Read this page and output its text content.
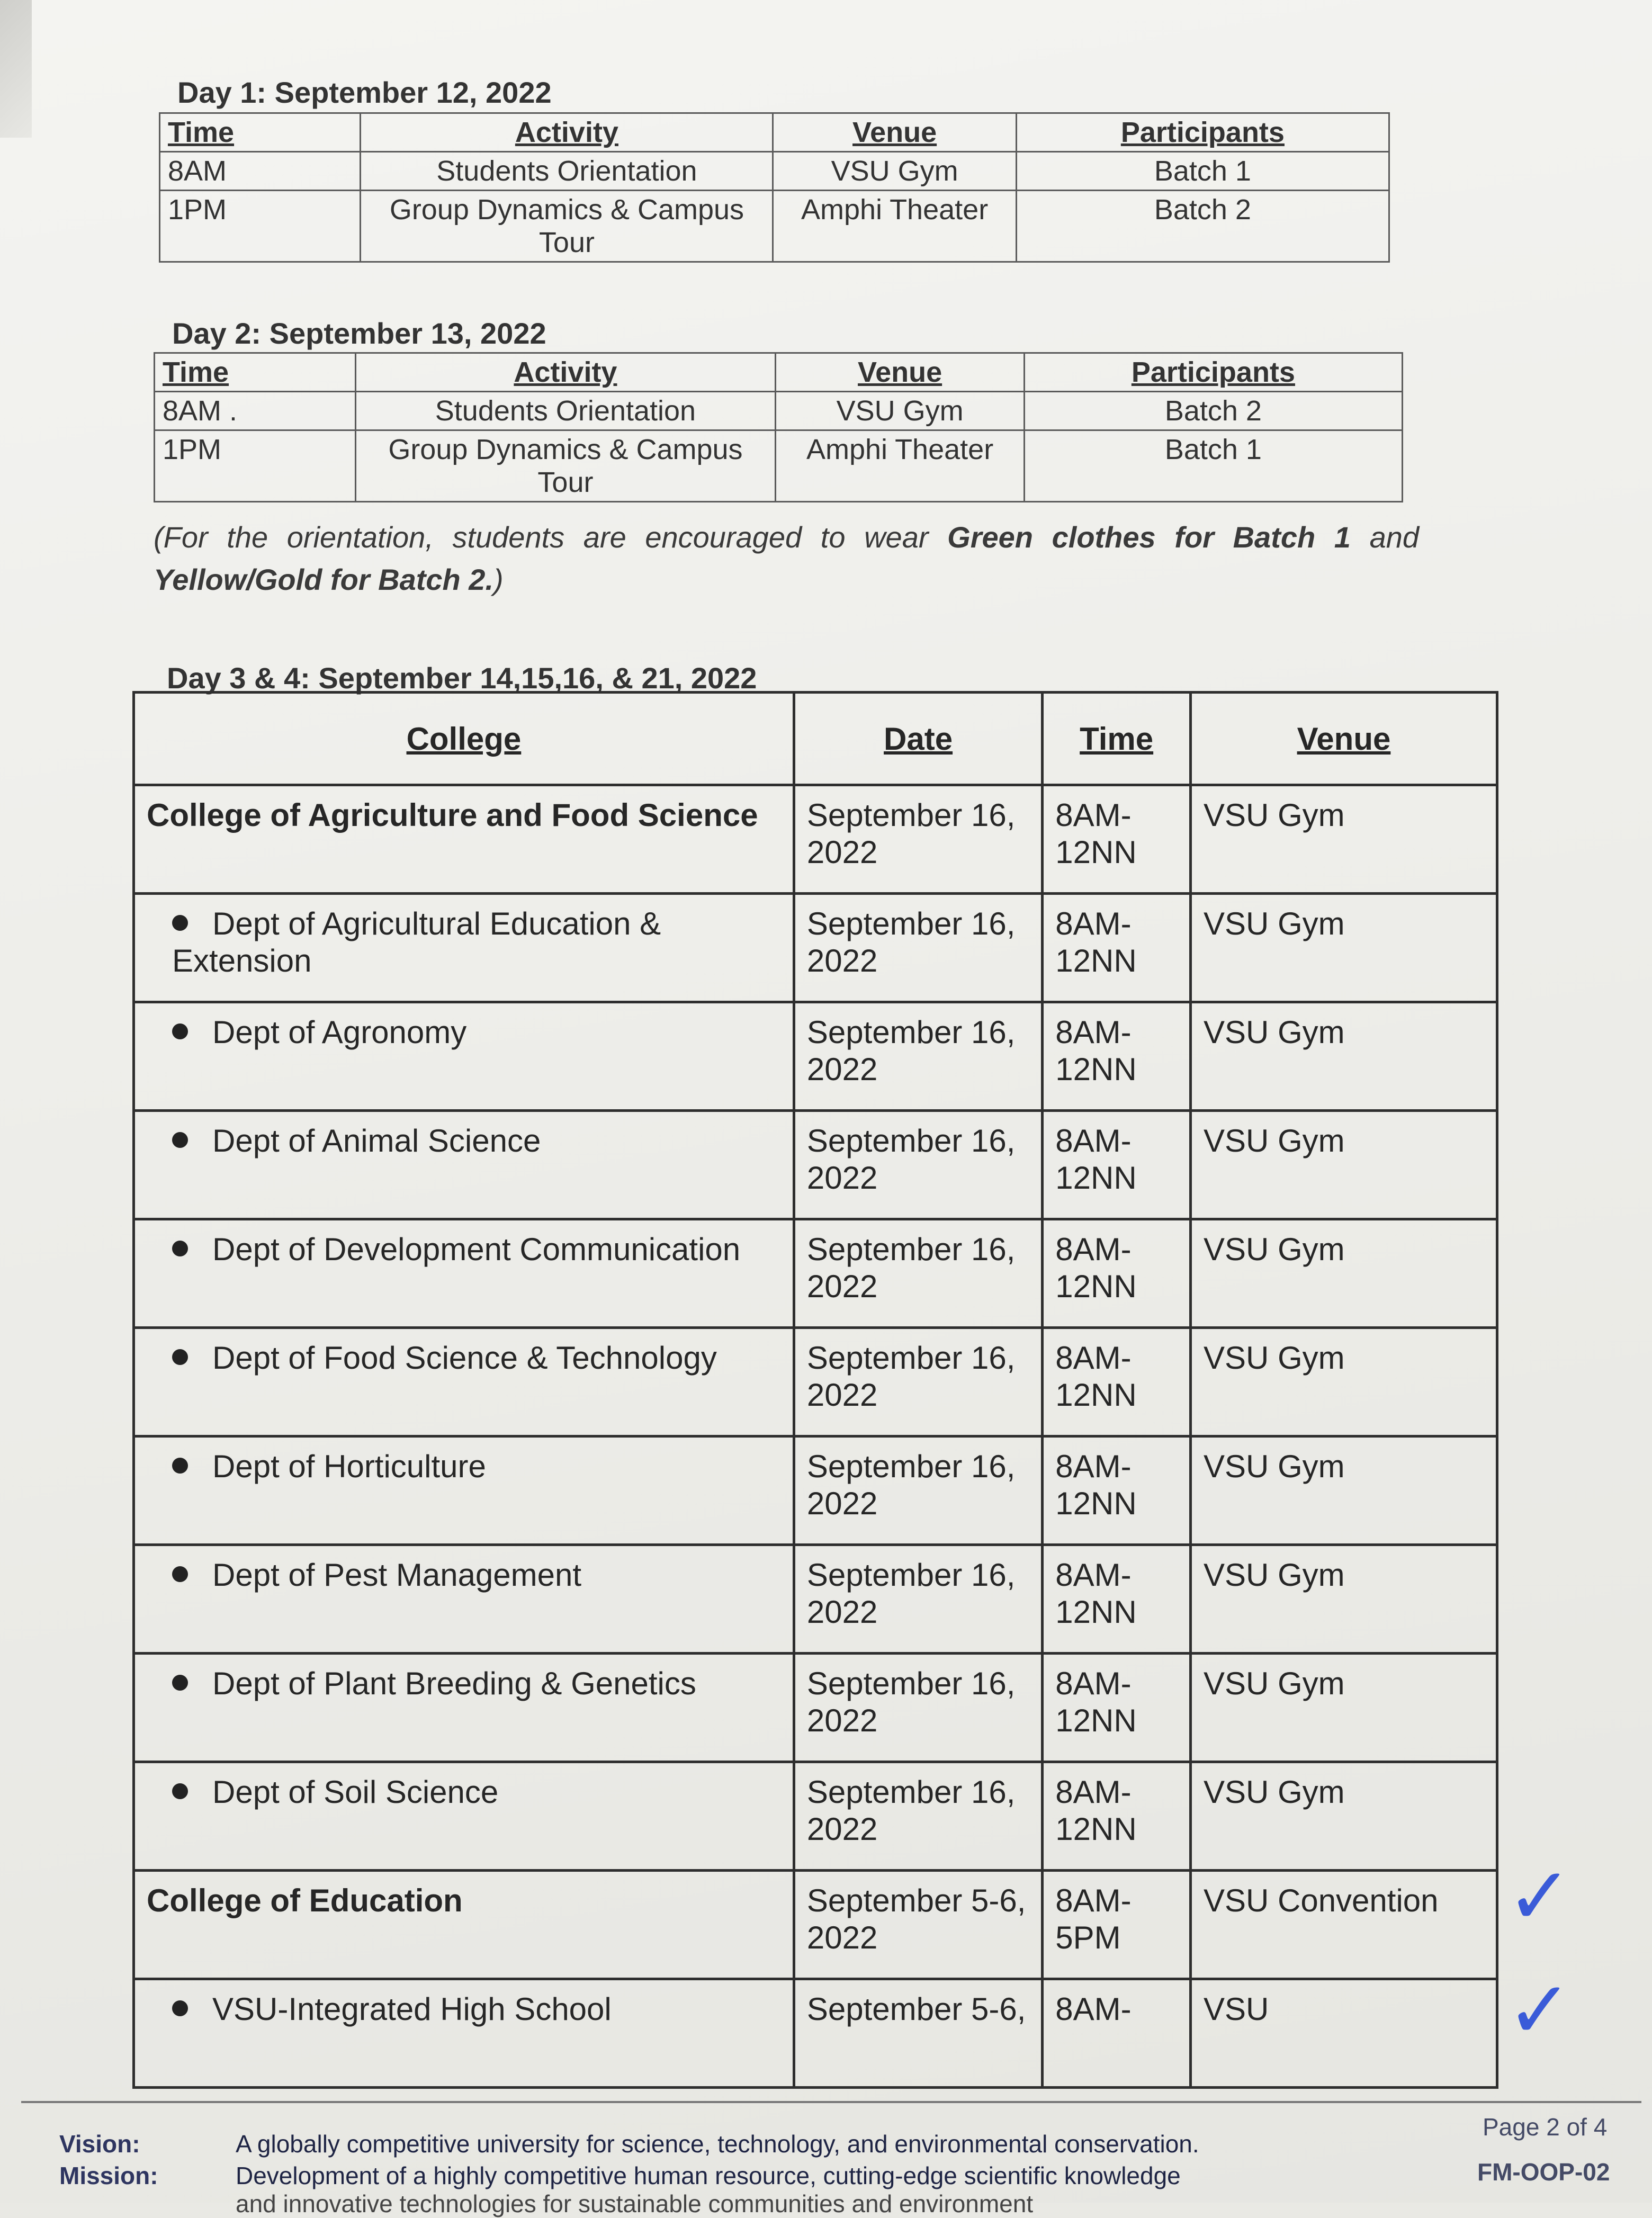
Day 1: September 12, 2022
Time	Activity	Venue	Participants
8AM	Students Orientation	VSU Gym	Batch 1
1PM	Group Dynamics & Campus Tour	Amphi Theater	Batch 2
Day 2: September 13, 2022
Time	Activity	Venue	Participants
8AM .	Students Orientation	VSU Gym	Batch 2
1PM	Group Dynamics & Campus Tour	Amphi Theater	Batch 1
(For the orientation, students are encouraged to wear Green clothes for Batch 1 and Yellow/Gold for Batch 2.)
Day 3 & 4: September 14,15,16, & 21, 2022
College	Date	Time	Venue
College of Agriculture and Food Science	September 16, 2022	8AM-12NN	VSU Gym
Dept of Agricultural Education & Extension	September 16, 2022	8AM-12NN	VSU Gym
Dept of Agronomy	September 16, 2022	8AM-12NN	VSU Gym
Dept of Animal Science	September 16, 2022	8AM-12NN	VSU Gym
Dept of Development Communication	September 16, 2022	8AM-12NN	VSU Gym
Dept of Food Science & Technology	September 16, 2022	8AM-12NN	VSU Gym
Dept of Horticulture	September 16, 2022	8AM-12NN	VSU Gym
Dept of Pest Management	September 16, 2022	8AM-12NN	VSU Gym
Dept of Plant Breeding & Genetics	September 16, 2022	8AM-12NN	VSU Gym
Dept of Soil Science	September 16, 2022	8AM-12NN	VSU Gym
College of Education	September 5-6, 2022	8AM-5PM	VSU Convention
VSU-Integrated High School	September 5-6,	8AM-	VSU
✓
✓
Vision:	A globally competitive university for science, technology, and environmental conservation.
Mission:	Development of a highly competitive human resource, cutting-edge scientific knowledge
and innovative technologies for sustainable communities and environment
Page 2 of 4
FM-OOP-02
